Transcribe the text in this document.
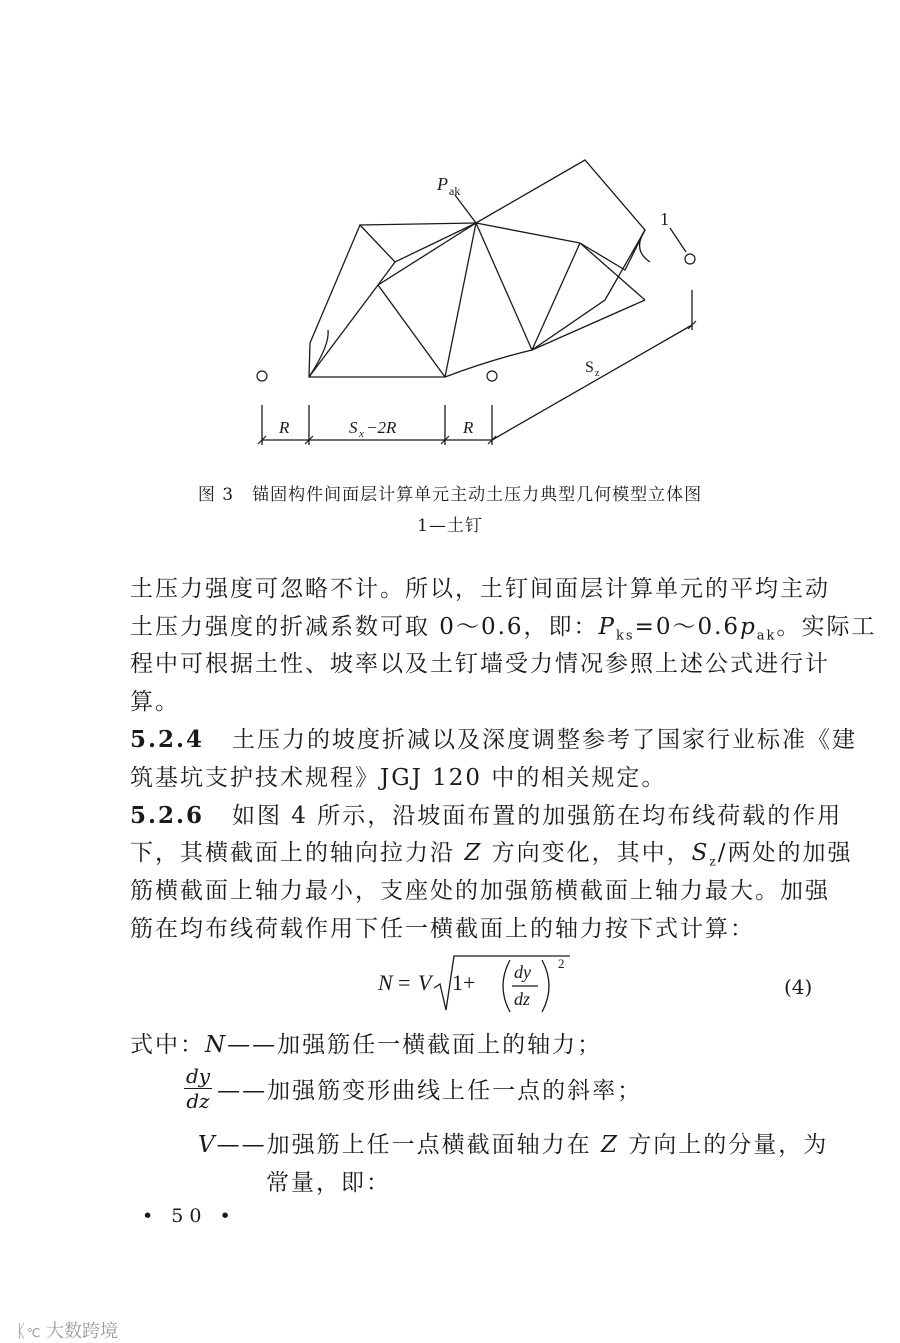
P ak
1
S z
R	S x −2R	R
图 3　锚固构件间面层计算单元主动土压力典型几何模型立体图
1—土钉
土压力强度可忽略不计。所以，土钉间面层计算单元的平均主动
土压力强度的折减系数可取 0～0.6，即：$P_{ks}=0\sim 0.6p_{ak}$。实际工
程中可根据土性、坡率以及土钉墙受力情况参照上述公式进行计
算。
5.2.4 土压力的坡度折减以及深度调整参考了国家行业标准《建
筑基坑支护技术规程》JGJ 120 中的相关规定。
5.2.6 如图 4 所示，沿坡面布置的加强筋在均布线荷载的作用
下，其横截面上的轴向拉力沿 Z 方向变化，其中，$S_z/$两处的加强
筋横截面上轴力最小，支座处的加强筋横截面上轴力最大。加强
筋在均布线荷载作用下任一横截面上的轴力按下式计算：
N = V 1+ dy
dz
2
(4)
式中：N——加强筋任一横截面上的轴力；
$\frac{dy}{dz}$ ——加强筋变形曲线上任一点的斜率；
V——加强筋上任一点横截面轴力在 Z 方向上的分量，为
常量，即：
• 50 •
ᛕ℃ 大数跨境
